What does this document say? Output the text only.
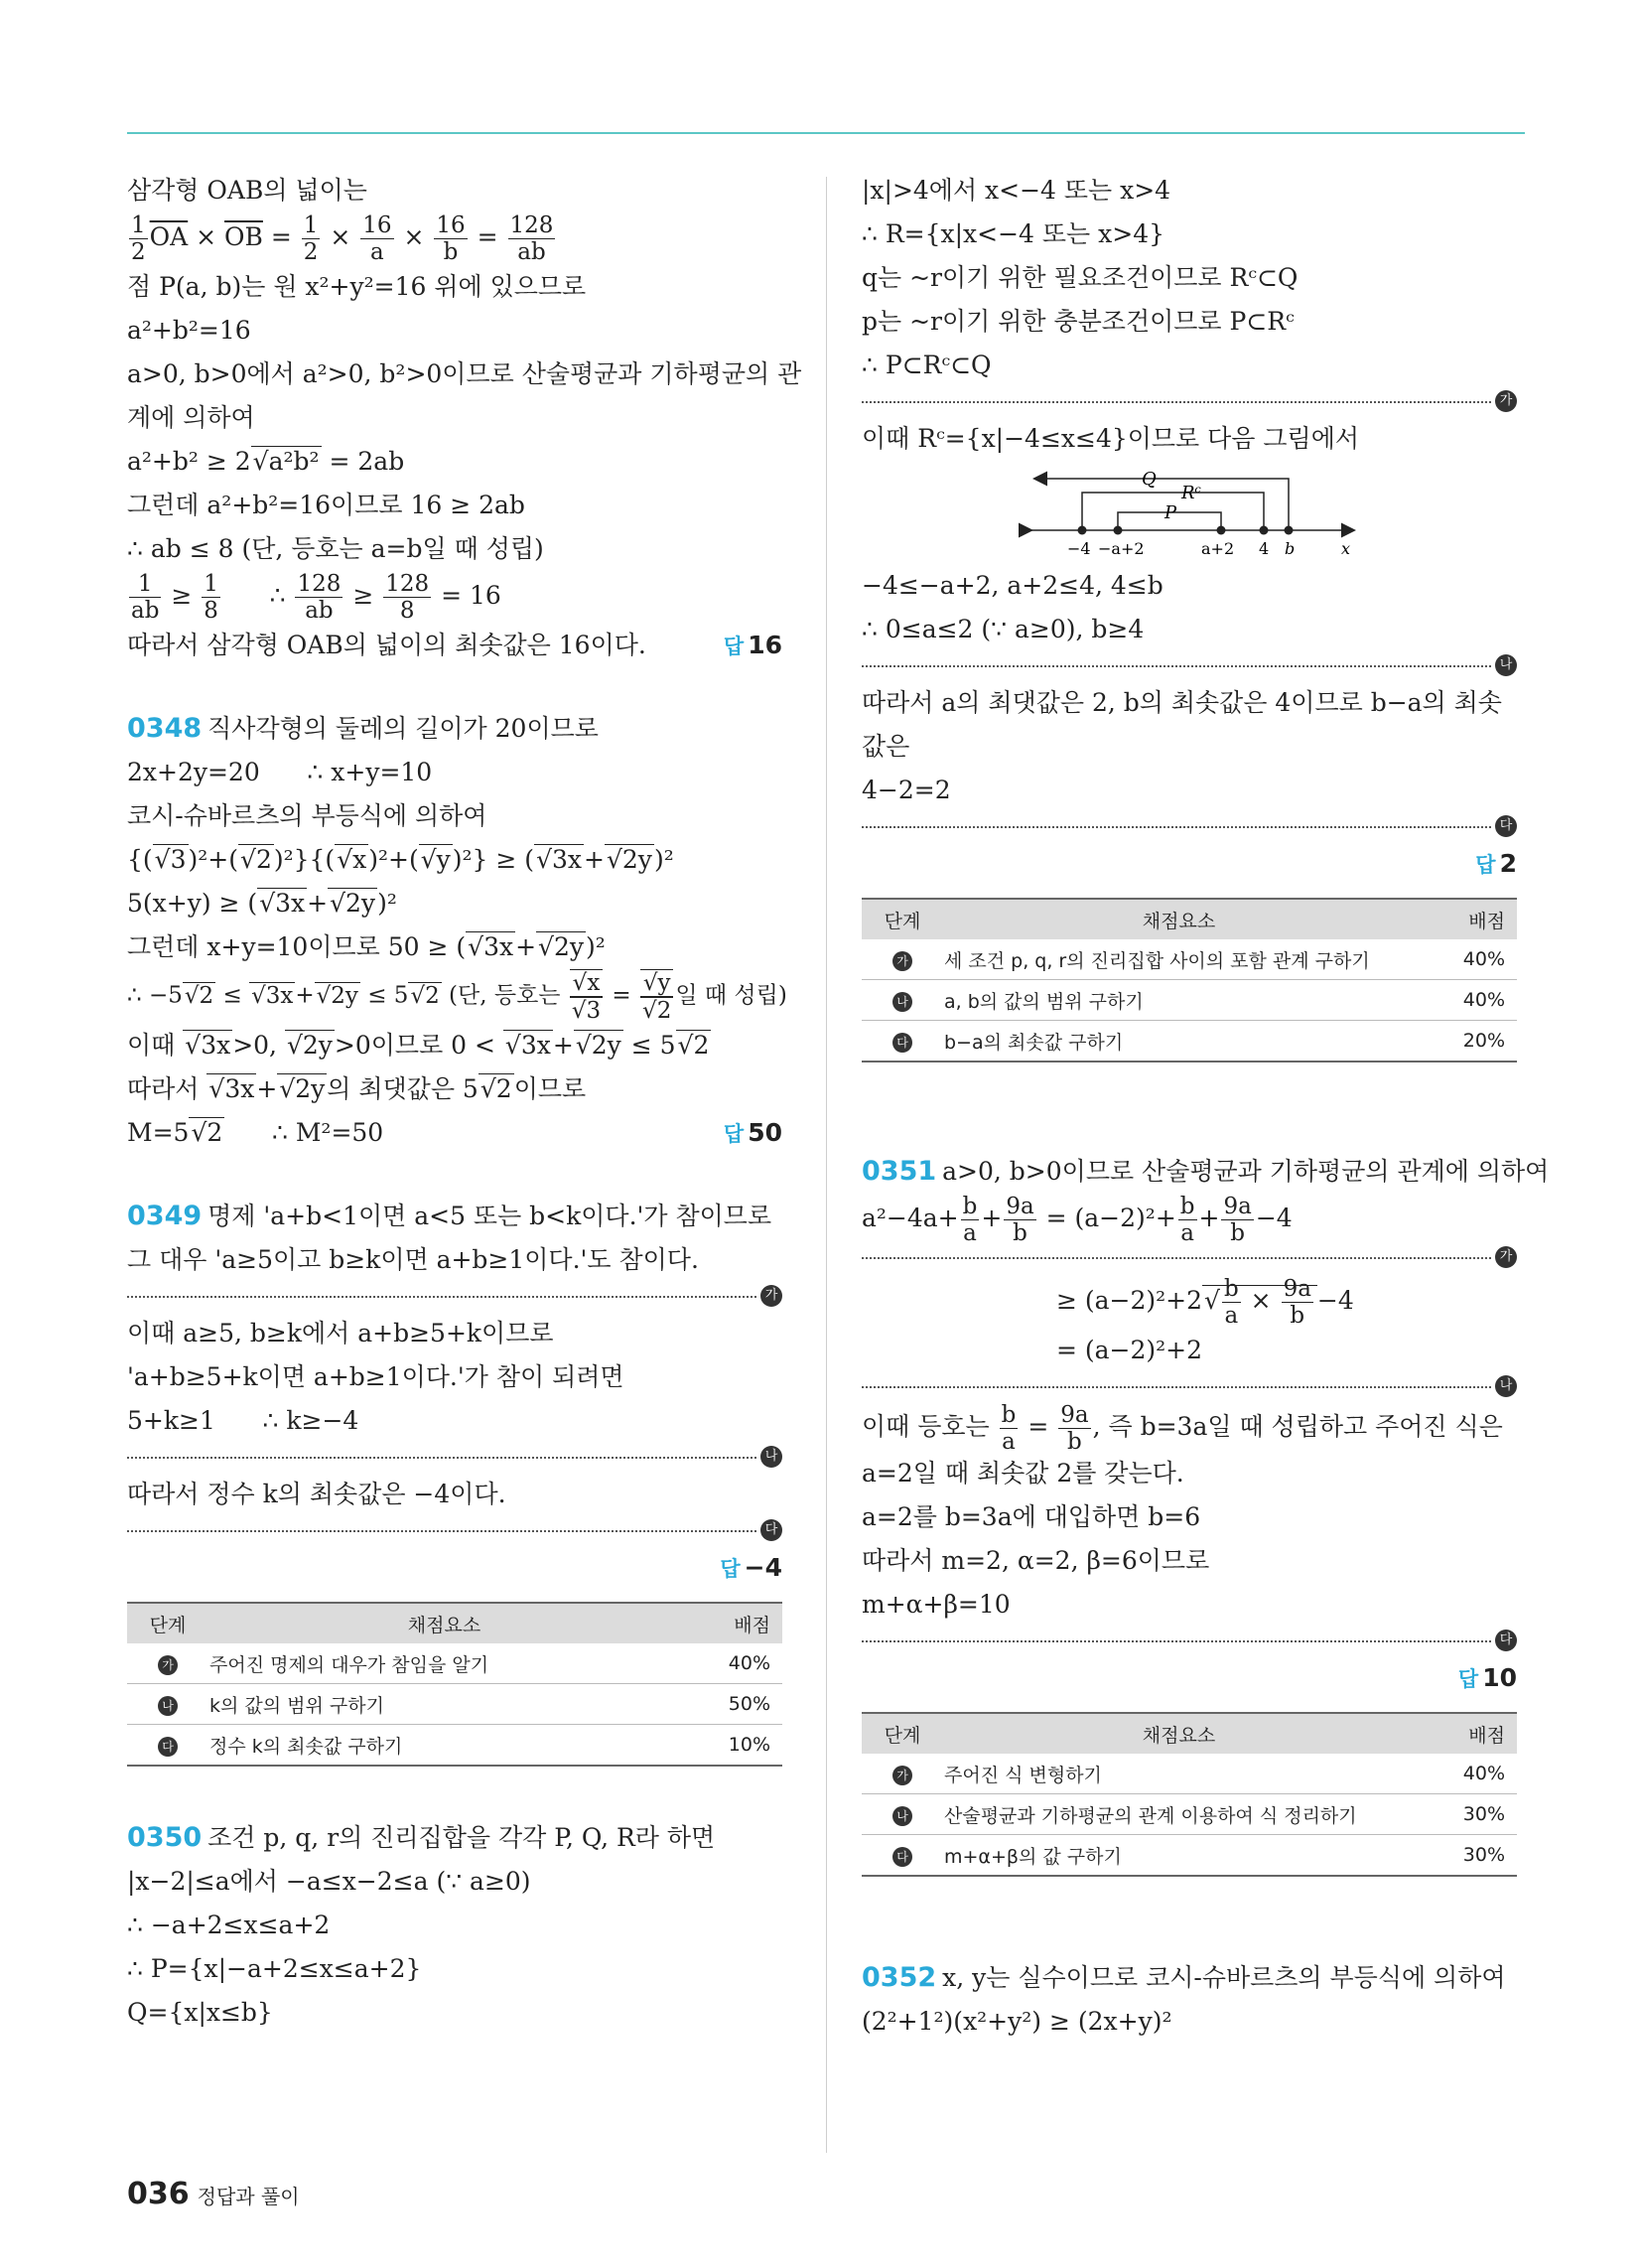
삼각형 OAB의 넓이는
$\frac{1}{2} \overline{OA} \times \overline{OB} = \frac{1}{2} \times \frac{16}{a} \times \frac{16}{b} = \frac{128}{ab}$
점 P(a, b)는 원 x²+y²=16 위에 있으므로
a²+b²=16
a>0, b>0에서 a²>0, b²>0이므로 산술평균과 기하평균의 관
계에 의하여
a²+b² ≥ 2 √ a²b² = 2ab
그런데 a²+b²=16이므로 16 ≥ 2ab
∴ ab ≤ 8 (단, 등호는 a=b일 때 성립)
$\frac{1}{ab} \ge \frac{1}{8}$ ∴ $\frac{128}{ab} \ge \frac{128}{8} = 16$
따라서 삼각형 OAB의 넓이의 최솟값은 16이다.	답 16
0348 직사각형의 둘레의 길이가 20이므로
2x+2y=20      ∴ x+y=10
코시-슈바르츠의 부등식에 의하여
{( √ 3)²+( √ 2)²}{( √ x)²+( √ y)²} ≥ ( √ 3x+ √ 2y)²
5(x+y) ≥ ( √ 3x+ √ 2y)²
그런데 x+y=10이므로 50 ≥ ( √ 3x+ √ 2y)²
∴ −5 √ 2 ≤ √ 3x+ √ 2y ≤ 5 √ 2 (단, 등호는 √ x
√ 3 = √ y
√ 2 일 때 성립)
이때 √ 3x>0, √ 2y>0이므로 0 < √ 3x+ √ 2y ≤ 5 √ 2
따라서 √ 3x+ √ 2y의 최댓값은 5 √ 2이므로
M=5 √ 2      ∴ M²=50	답 50
0349 명제 'a+b<1이면 a<5 또는 b<k이다.'가 참이므로
그 대우 'a≥5이고 b≥k이면 a+b≥1이다.'도 참이다.
가
이때 a≥5, b≥k에서 a+b≥5+k이므로
'a+b≥5+k이면 a+b≥1이다.'가 참이 되려면
5+k≥1      ∴ k≥−4
나
따라서 정수 k의 최솟값은 −4이다.
다
답 −4
단계	채점요소	배점
가	주어진 명제의 대우가 참임을 알기	40%
나	k의 값의 범위 구하기	50%
다	정수 k의 최솟값 구하기	10%
0350 조건 p, q, r의 진리집합을 각각 P, Q, R라 하면
|x−2|≤a에서 −a≤x−2≤a (∵ a≥0)
∴ −a+2≤x≤a+2
∴ P={x|−a+2≤x≤a+2}
Q={x|x≤b}
|x|>4에서 x<−4 또는 x>4
∴ R={x|x<−4 또는 x>4}
q는 ~r이기 위한 필요조건이므로 Rᶜ⊂Q
p는 ~r이기 위한 충분조건이므로 P⊂Rᶜ
∴ P⊂Rᶜ⊂Q
가
이때 Rᶜ={x|−4≤x≤4}이므로 다음 그림에서
Q
Rᶜ
P
−4 −a+2	a+2 4 b	x
−4≤−a+2, a+2≤4, 4≤b
∴ 0≤a≤2 (∵ a≥0), b≥4
나
따라서 a의 최댓값은 2, b의 최솟값은 4이므로 b−a의 최솟값은
4−2=2
다
답 2
단계	채점요소	배점
가	세 조건 p, q, r의 진리집합 사이의 포함 관계 구하기	40%
나	a, b의 값의 범위 구하기	40%
다	b−a의 최솟값 구하기	20%
0351 a>0, b>0이므로 산술평균과 기하평균의 관계에 의하여
$a^2-4a+ \frac{b}{a} + \frac{9a}{b} = (a-2)^2+ \frac{b}{a} + \frac{9a}{b} -4$
가
≥ (a−2)²+2 √ $\frac{b}{a} \times \frac{9a}{b} -4$
= (a−2)²+2
나
이때 등호는 $\frac{b}{a} = \frac{9a}{b}$ , 즉 b=3a일 때 성립하고 주어진 식은
a=2일 때 최솟값 2를 갖는다.
a=2를 b=3a에 대입하면 b=6
따라서 m=2, α=2, β=6이므로
m+α+β=10
다
답 10
단계	채점요소	배점
가	주어진 식 변형하기	40%
나	산술평균과 기하평균의 관계 이용하여 식 정리하기	30%
다	m+α+β의 값 구하기	30%
0352 x, y는 실수이므로 코시-슈바르츠의 부등식에 의하여
(2²+1²)(x²+y²) ≥ (2x+y)²
036 정답과 풀이
